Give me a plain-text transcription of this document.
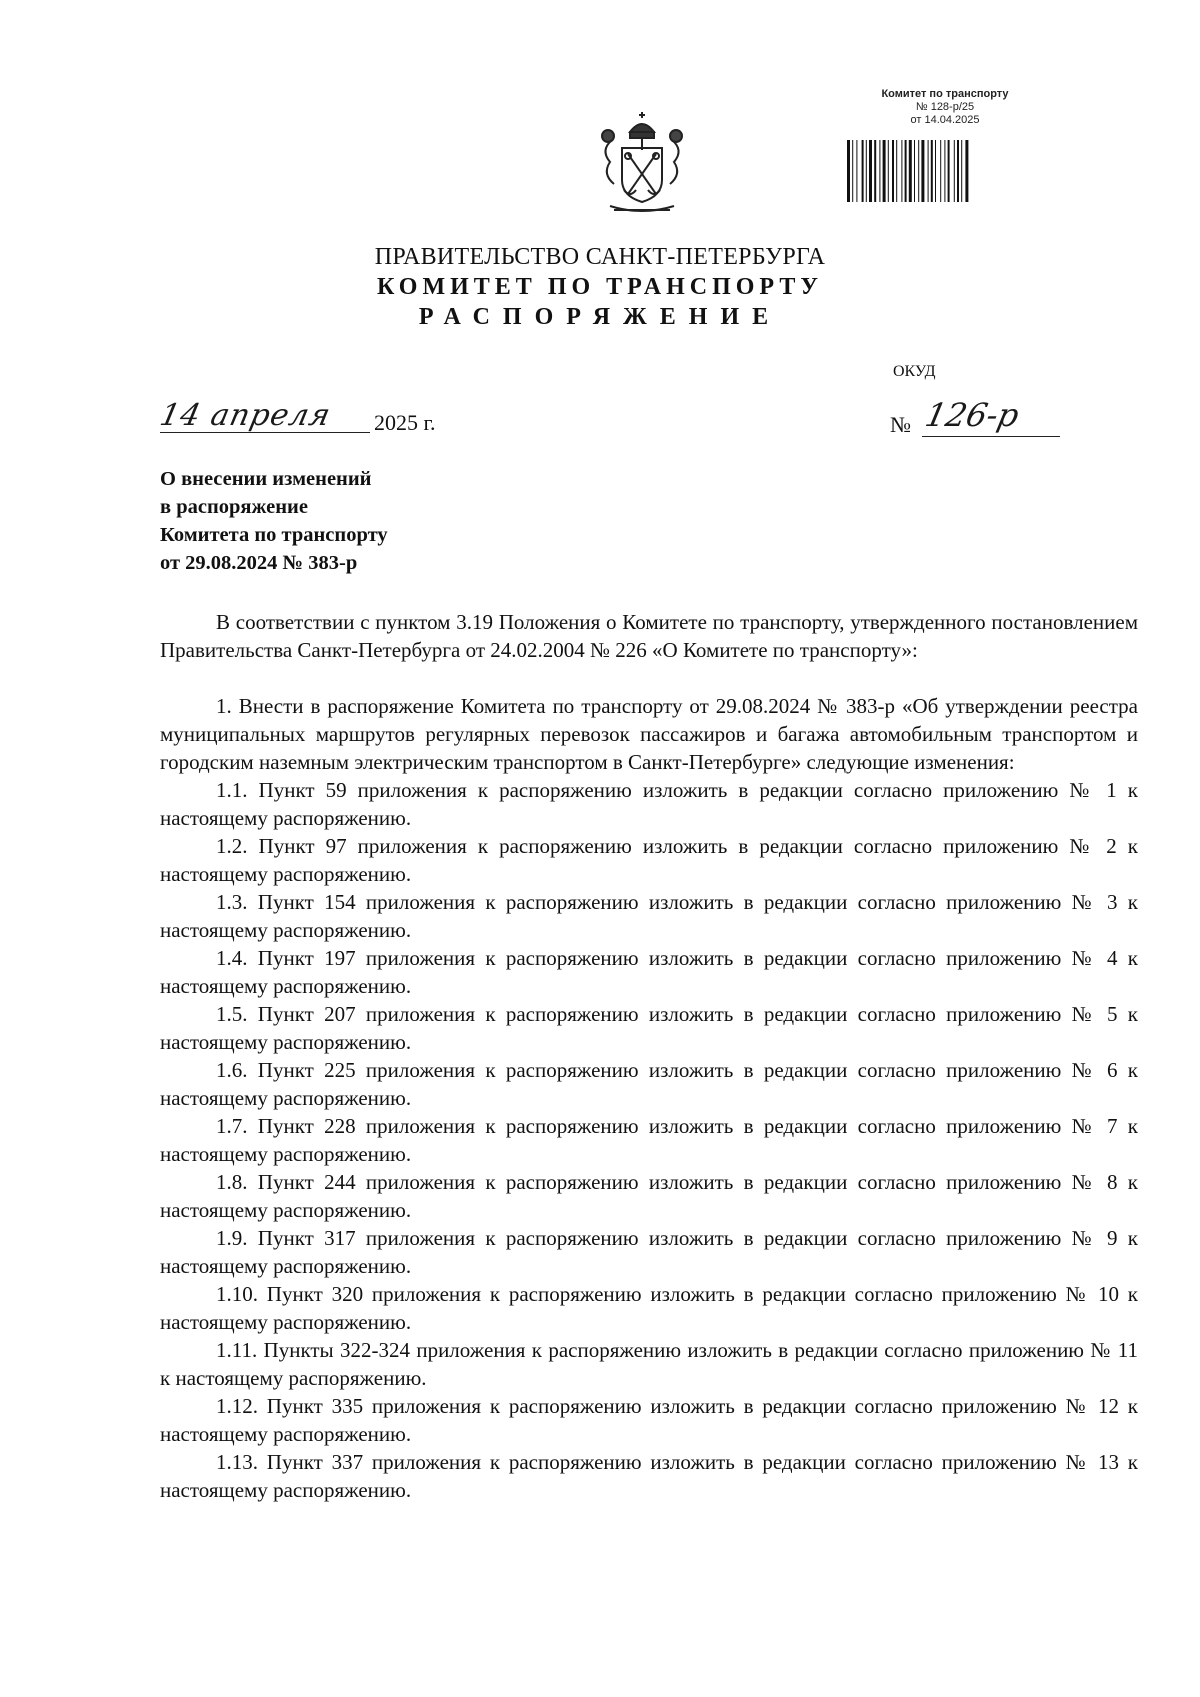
Комитет по транспорту
№ 128-р/25
от 14.04.2025
ПРАВИТЕЛЬСТВО САНКТ-ПЕТЕРБУРГА
КОМИТЕТ ПО ТРАНСПОРТУ
РАСПОРЯЖЕНИЕ
ОКУД
14 апреля	2025 г.	№ 126-р
О внесении изменений
в распоряжение
Комитета по транспорту
от 29.08.2024 № 383-р

В соответствии с пунктом 3.19 Положения о Комитете по транспорту, утвержденного постановлением Правительства Санкт-Петербурга от 24.02.2004 № 226 «О Комитете по транспорту»:

1. Внести в распоряжение Комитета по транспорту от 29.08.2024 № 383-р «Об утверждении реестра муниципальных маршрутов регулярных перевозок пассажиров и багажа автомобильным транспортом и городским наземным электрическим транспортом в Санкт-Петербурге» следующие изменения:

1.1. Пункт 59 приложения к распоряжению изложить в редакции согласно приложению № 1 к настоящему распоряжению.

1.2. Пункт 97 приложения к распоряжению изложить в редакции согласно приложению № 2 к настоящему распоряжению.

1.3. Пункт 154 приложения к распоряжению изложить в редакции согласно приложению № 3 к настоящему распоряжению.

1.4. Пункт 197 приложения к распоряжению изложить в редакции согласно приложению № 4 к настоящему распоряжению.

1.5. Пункт 207 приложения к распоряжению изложить в редакции согласно приложению № 5 к настоящему распоряжению.

1.6. Пункт 225 приложения к распоряжению изложить в редакции согласно приложению № 6 к настоящему распоряжению.

1.7. Пункт 228 приложения к распоряжению изложить в редакции согласно приложению № 7 к настоящему распоряжению.

1.8. Пункт 244 приложения к распоряжению изложить в редакции согласно приложению № 8 к настоящему распоряжению.

1.9. Пункт 317 приложения к распоряжению изложить в редакции согласно приложению № 9 к настоящему распоряжению.

1.10. Пункт 320 приложения к распоряжению изложить в редакции согласно приложению № 10 к настоящему распоряжению.

1.11. Пункты 322-324 приложения к распоряжению изложить в редакции согласно приложению № 11 к настоящему распоряжению.

1.12. Пункт 335 приложения к распоряжению изложить в редакции согласно приложению № 12 к настоящему распоряжению.

1.13. Пункт 337 приложения к распоряжению изложить в редакции согласно приложению № 13 к настоящему распоряжению.
